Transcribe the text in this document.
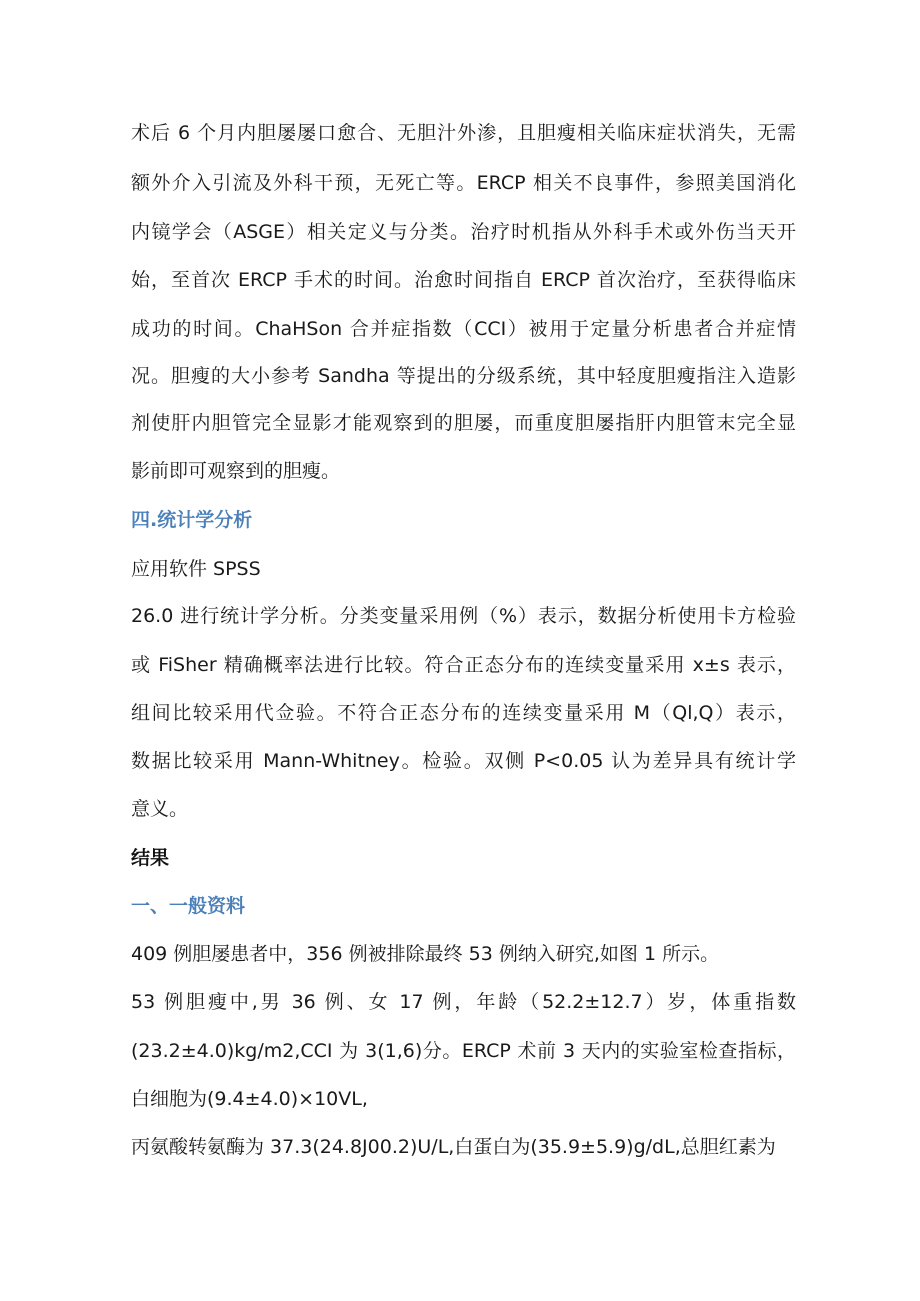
术后 6 个月内胆屡屡口愈合、无胆汁外渗，且胆瘦相关临床症状消失，无需
额外介入引流及外科干预，无死亡等。ERCP 相关不良事件，参照美国消化
内镜学会（ASGE）相关定义与分类。治疗时机指从外科手术或外伤当天开
始，至首次 ERCP 手术的时间。治愈时间指自 ERCP 首次治疗，至获得临床
成功的时间。ChaHSon 合并症指数（CCI）被用于定量分析患者合并症情
况。胆瘦的大小参考 Sandha 等提出的分级系统，其中轻度胆瘦指注入造影
剂使肝内胆管完全显影才能观察到的胆屡，而重度胆屡指肝内胆管末完全显
影前即可观察到的胆瘦。
四.统计学分析
应用软件 SPSS
26.0 进行统计学分析。分类变量采用例（%）表示，数据分析使用卡方检验
或 FiSher 精确概率法进行比较。符合正态分布的连续变量采用 x±s 表示，
组间比较采用代佥验。不符合正态分布的连续变量采用 M（Ql,Q）表示，
数据比较采用 Mann-Whitney。检验。双侧 P<0.05 认为差异具有统计学
意义。
结果
一、一般资料
409 例胆屡患者中，356 例被排除最终 53 例纳入研究,如图 1 所示。
53 例胆瘦中,男 36 例、女 17 例，年龄（52.2±12.7）岁，体重指数
(23.2±4.0)kg∕m2,CCI 为 3(1,6)分。ERCP 术前 3 天内的实验室检查指标，
白细胞为(9.4±4.0)×10VL,
丙氨酸转氨酶为 37.3(24.8J00.2)U∕L,白蛋白为(35.9±5.9)g∕dL,总胆红素为
